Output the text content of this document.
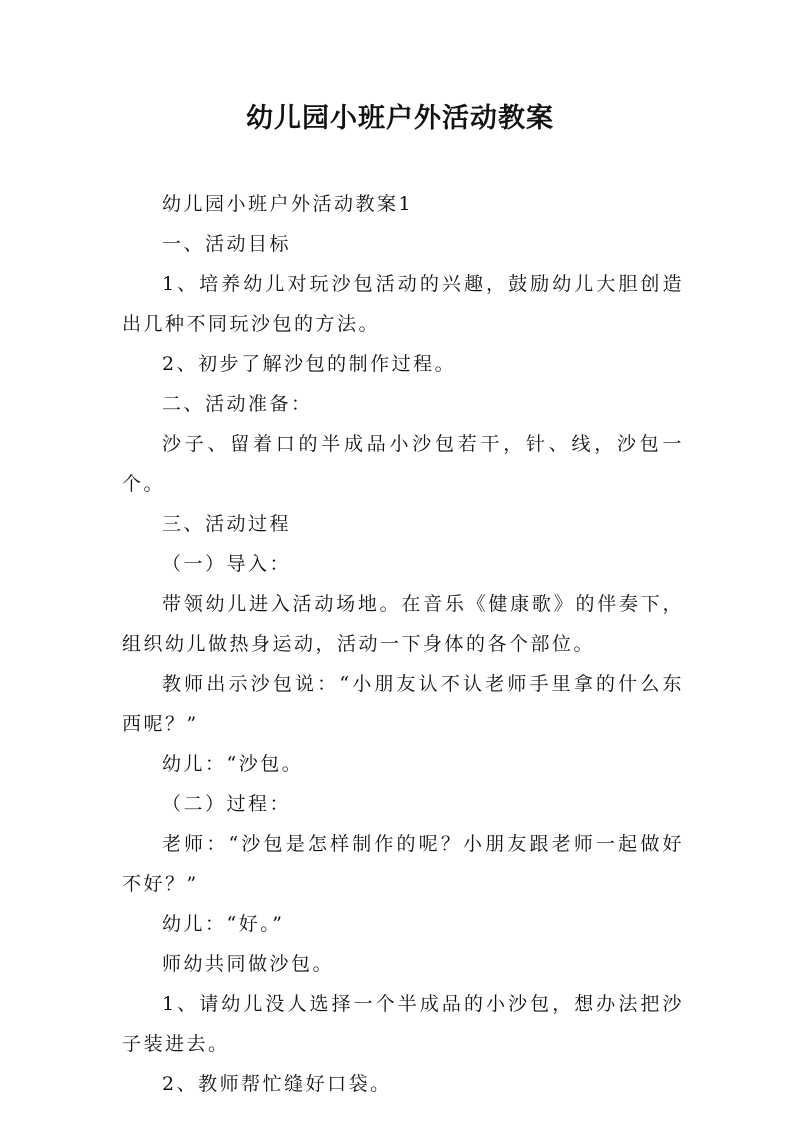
幼儿园小班户外活动教案

幼儿园小班户外活动教案1

一、活动目标

1、培养幼儿对玩沙包活动的兴趣，鼓励幼儿大胆创造出几种不同玩沙包的方法。

2、初步了解沙包的制作过程。

二、活动准备：

沙子、留着口的半成品小沙包若干，针、线，沙包一个。

三、活动过程

（一）导入：

带领幼儿进入活动场地。在音乐《健康歌》的伴奏下，组织幼儿做热身运动，活动一下身体的各个部位。

教师出示沙包说：“小朋友认不认老师手里拿的什么东西呢？”

幼儿：“沙包。

（二）过程：

老师：“沙包是怎样制作的呢？小朋友跟老师一起做好不好？”

幼儿：“好。”

师幼共同做沙包。

1、请幼儿没人选择一个半成品的小沙包，想办法把沙子装进去。

2、教师帮忙缝好口袋。
